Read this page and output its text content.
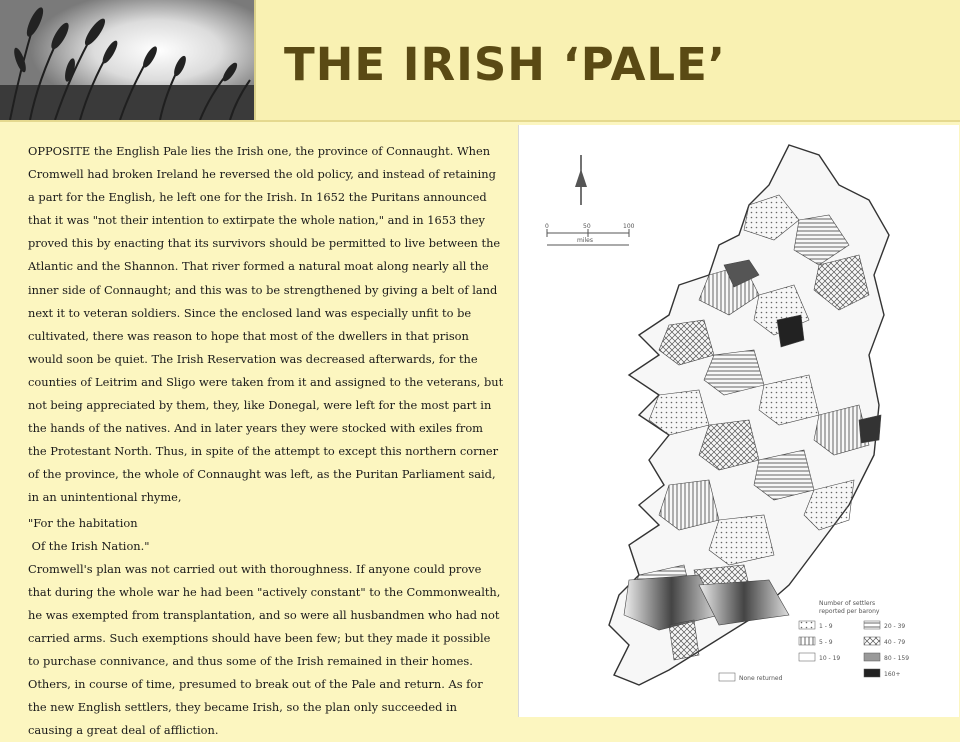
THE IRISH ‘PALE’

OPPOSITE the English Pale lies the Irish one, the province of Connaught. When Cromwell had broken Ireland he reversed the old policy, and instead of retaining a part for the English, he left one for the Irish. In 1652 the Puritans announced that it was "not their intention to extirpate the whole nation," and in 1653 they proved this by enacting that its survivors should be permitted to live between the Atlantic and the Shannon. That river formed a natural moat along nearly all the inner side of Connaught; and this was to be strengthened by giving a belt of land next it to veteran soldiers. Since the enclosed land was especially unfit to be cultivated, there was reason to hope that most of the dwellers in that prison would soon be quiet. The Irish Reservation was decreased afterwards, for the counties of Leitrim and Sligo were taken from it and assigned to the veterans, but not being appreciated by them, they, like Donegal, were left for the most part in the hands of the natives. And in later years they were stocked with exiles from the Protestant North. Thus, in spite of the attempt to except this northern corner of the province, the whole of Connaught was left, as the Puritan Parliament said, in an unintentional rhyme,

"For the habitation

Of the Irish Nation."

Cromwell's plan was not carried out with thoroughness. If anyone could prove that during the whole war he had been "actively constant" to the Commonwealth, he was exempted from transplantation, and so were all husbandmen who had not carried arms. Such exemptions should have been few; but they made it possible to purchase connivance, and thus some of the Irish remained in their homes. Others, in course of time, presumed to break out of the Pale and return. As for the new English settlers, they became Irish, so the plan only succeeded in causing a great deal of affliction.

0	50	100
miles
Number of settlers
reported per barony
1 - 9
5 - 9
10 - 19
20 - 39
40 - 79
80 - 159
160+
None returned
